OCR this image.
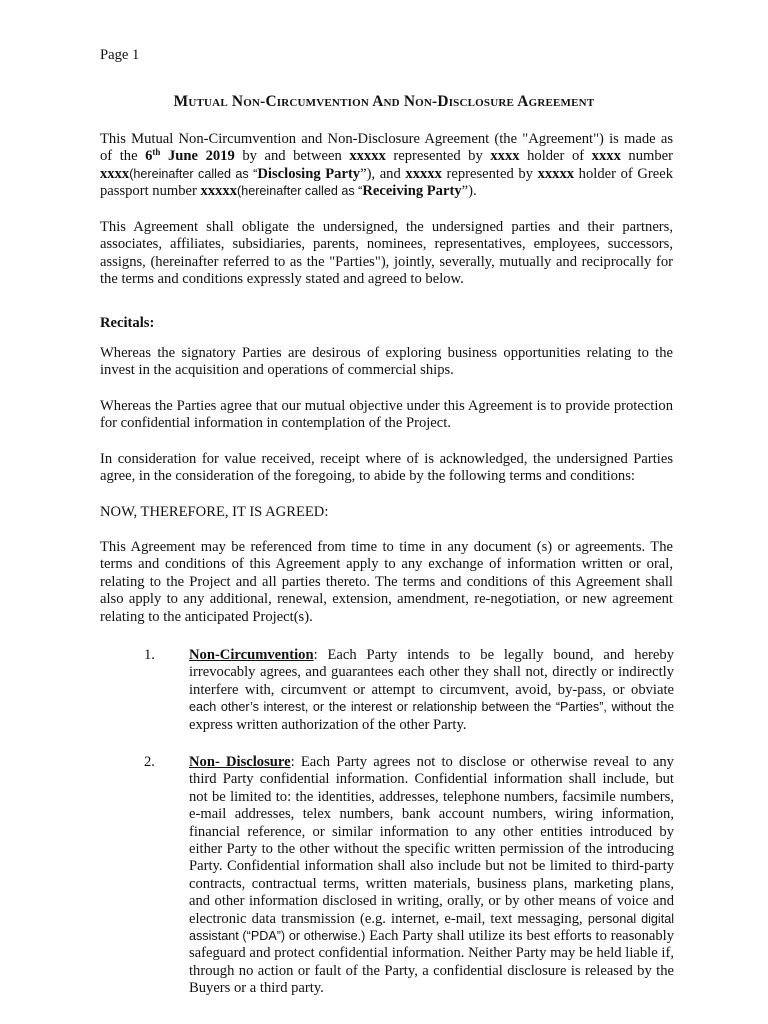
Page 1
Mutual Non-Circumvention And Non-Disclosure Agreement

This Mutual Non-Circumvention and Non-Disclosure Agreement (the "Agreement") is made as of the 6th June 2019 by and between xxxxx represented by xxxx holder of xxxx number xxxx(hereinafter called as “Disclosing Party”), and xxxxx represented by xxxxx holder of Greek passport number xxxxx(hereinafter called as “Receiving Party”).

This Agreement shall obligate the undersigned, the undersigned parties and their partners, associates, affiliates, subsidiaries, parents, nominees, representatives, employees, successors, assigns, (hereinafter referred to as the "Parties"), jointly, severally, mutually and reciprocally for the terms and conditions expressly stated and agreed to below.

Recitals:

Whereas the signatory Parties are desirous of exploring business opportunities relating to the invest in the acquisition and operations of commercial ships.

Whereas the Parties agree that our mutual objective under this Agreement is to provide protection for confidential information in contemplation of the Project.

In consideration for value received, receipt where of is acknowledged, the undersigned Parties agree, in the consideration of the foregoing, to abide by the following terms and conditions:

NOW, THEREFORE, IT IS AGREED:

This Agreement may be referenced from time to time in any document (s) or agreements. The terms and conditions of this Agreement apply to any exchange of information written or oral, relating to the Project and all parties thereto. The terms and conditions of this Agreement shall also apply to any additional, renewal, extension, amendment, re-negotiation, or new agreement relating to the anticipated Project(s).

1. Non-Circumvention: Each Party intends to be legally bound, and hereby irrevocably agrees, and guarantees each other they shall not, directly or indirectly interfere with, circumvent or attempt to circumvent, avoid, by-pass, or obviate each other’s interest, or the interest or relationship between the “Parties”, without the express written authorization of the other Party.

2. Non- Disclosure: Each Party agrees not to disclose or otherwise reveal to any third Party confidential information. Confidential information shall include, but not be limited to: the identities, addresses, telephone numbers, facsimile numbers, e-mail addresses, telex numbers, bank account numbers, wiring information, financial reference, or similar information to any other entities introduced by either Party to the other without the specific written permission of the introducing Party. Confidential information shall also include but not be limited to third-party contracts, contractual terms, written materials, business plans, marketing plans, and other information disclosed in writing, orally, or by other means of voice and electronic data transmission (e.g. internet, e-mail, text messaging, personal digital assistant (“PDA”) or otherwise.) Each Party shall utilize its best efforts to reasonably safeguard and protect confidential information. Neither Party may be held liable if, through no action or fault of the Party, a confidential disclosure is released by the Buyers or a third party.
